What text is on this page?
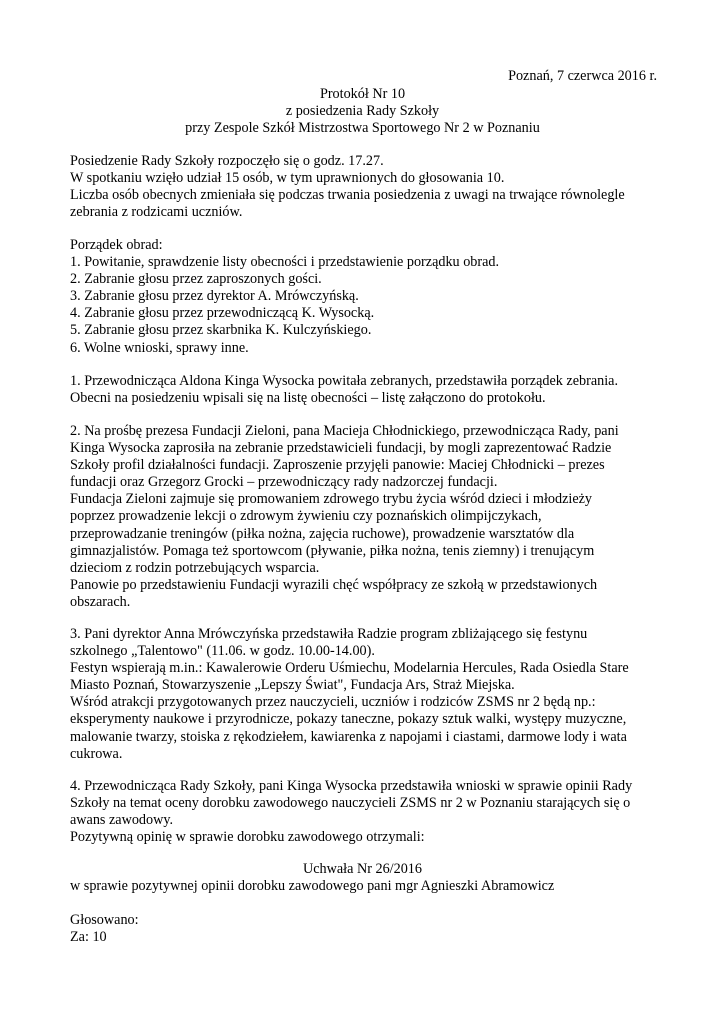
Poznań, 7 czerwca 2016 r.
Protokół Nr 10
z posiedzenia Rady Szkoły
przy Zespole Szkół Mistrzostwa Sportowego Nr 2 w Poznaniu
Posiedzenie Rady Szkoły rozpoczęło się o godz. 17.27.
W spotkaniu wzięło udział 15 osób, w tym uprawnionych do głosowania 10.
Liczba osób obecnych zmieniała się podczas trwania posiedzenia z uwagi na trwające równolegle
zebrania z rodzicami uczniów.
Porządek obrad:
1. Powitanie, sprawdzenie listy obecności i przedstawienie porządku obrad.
2. Zabranie głosu przez zaproszonych gości.
3. Zabranie głosu przez dyrektor A. Mrówczyńską.
4. Zabranie głosu przez przewodniczącą K. Wysocką.
5. Zabranie głosu przez skarbnika K. Kulczyńskiego.
6. Wolne wnioski, sprawy inne.
1. Przewodnicząca Aldona Kinga Wysocka powitała zebranych, przedstawiła porządek zebrania.
Obecni na posiedzeniu wpisali się na listę obecności – listę załączono do protokołu.
2. Na prośbę prezesa Fundacji Zieloni, pana Macieja Chłodnickiego, przewodnicząca Rady, pani
Kinga Wysocka zaprosiła na zebranie przedstawicieli fundacji, by mogli zaprezentować Radzie
Szkoły profil działalności fundacji. Zaproszenie przyjęli panowie: Maciej Chłodnicki – prezes
fundacji oraz Grzegorz Grocki – przewodniczący rady nadzorczej fundacji.
Fundacja Zieloni zajmuje się promowaniem zdrowego trybu życia wśród dzieci i młodzieży
poprzez prowadzenie lekcji o zdrowym żywieniu czy poznańskich olimpijczykach,
przeprowadzanie treningów (piłka nożna, zajęcia ruchowe), prowadzenie warsztatów dla
gimnazjalistów. Pomaga też sportowcom (pływanie, piłka nożna, tenis ziemny) i trenującym
dzieciom z rodzin potrzebujących wsparcia.
Panowie po przedstawieniu Fundacji wyrazili chęć współpracy ze szkołą w przedstawionych
obszarach.
3. Pani dyrektor Anna Mrówczyńska przedstawiła Radzie program zbliżającego się festynu
szkolnego „Talentowo" (11.06. w godz. 10.00-14.00).
Festyn wspierają m.in.: Kawalerowie Orderu Uśmiechu, Modelarnia Hercules, Rada Osiedla Stare
Miasto Poznań, Stowarzyszenie „Lepszy Świat", Fundacja Ars, Straż Miejska.
Wśród atrakcji przygotowanych przez nauczycieli, uczniów i rodziców ZSMS nr 2 będą np.:
eksperymenty naukowe i przyrodnicze, pokazy taneczne, pokazy sztuk walki, występy muzyczne,
malowanie twarzy, stoiska z rękodziełem, kawiarenka z napojami i ciastami, darmowe lody i wata
cukrowa.
4. Przewodnicząca Rady Szkoły, pani Kinga Wysocka przedstawiła wnioski w sprawie opinii Rady
Szkoły na temat oceny dorobku zawodowego nauczycieli ZSMS nr 2 w Poznaniu starających się o
awans zawodowy.
Pozytywną opinię w sprawie dorobku zawodowego otrzymali:
Uchwała Nr 26/2016
w sprawie pozytywnej opinii dorobku zawodowego pani mgr Agnieszki Abramowicz
Głosowano:
Za: 10
